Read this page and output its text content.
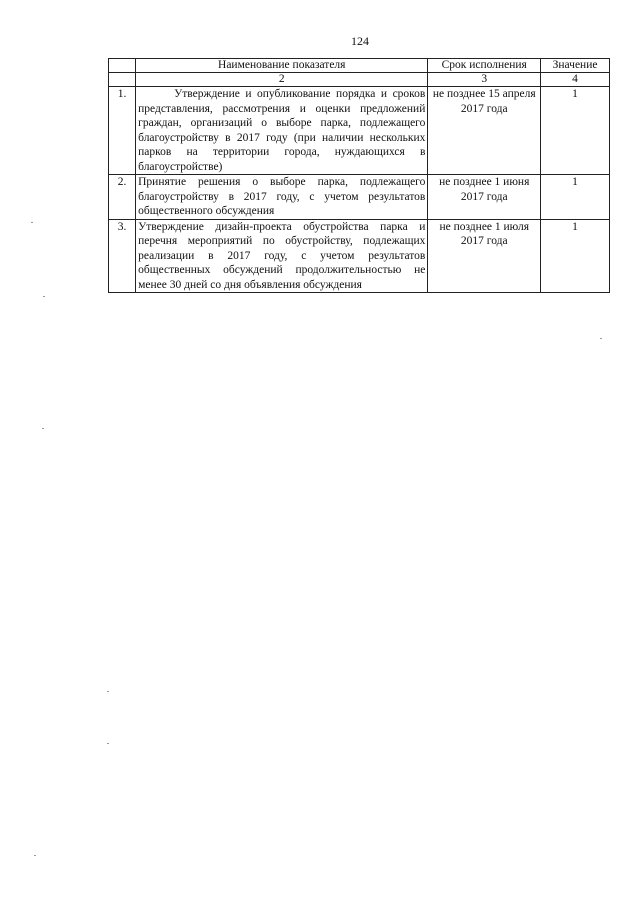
124
	Наименование показателя	Срок исполнения	Значение
	2	3	4
1.	Утверждение и опубликование порядка и сроков представления, рассмотрения и оценки предложений граждан, организаций о выборе парка, подлежащего благоустройству в 2017 году (при наличии нескольких парков на территории города, нуждающихся в благоустройстве)	не позднее 15 апреля 2017 года	1
2.	Принятие решения о выборе парка, подлежащего благоустройству в 2017 году, с учетом результатов общественного обсуждения	не позднее 1 июня 2017 года	1
3.	Утверждение дизайн-проекта обустройства парка и перечня мероприятий по обустройству, подлежащих реализации в 2017 году, с учетом результатов общественных обсуждений продолжительностью не менее 30 дней со дня объявления обсуждения	не позднее 1 июля 2017 года	1
